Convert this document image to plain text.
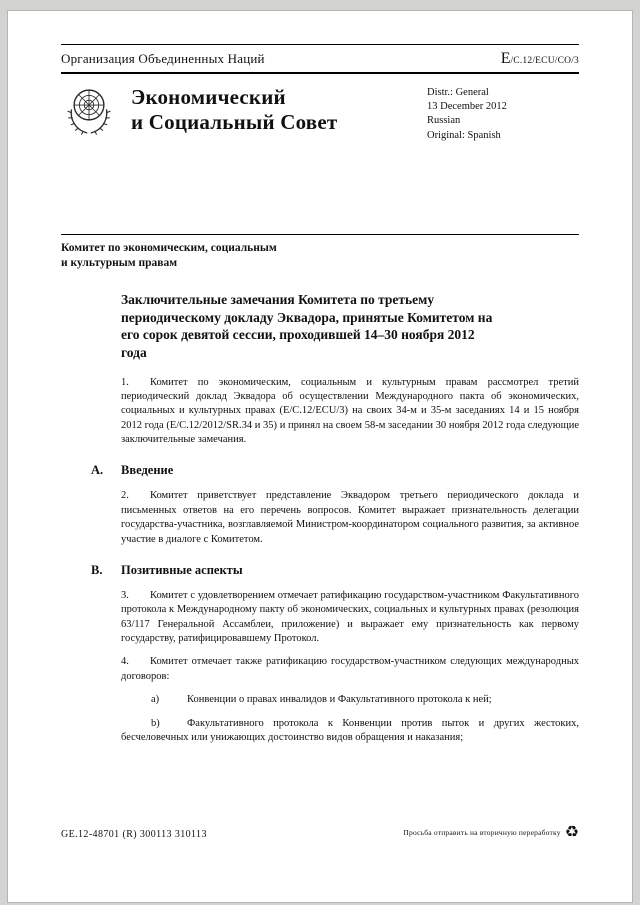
Организация Объединенных Наций	E/C.12/ECU/CO/3
Экономический
и Социальный Совет
Distr.: General
13 December 2012
Russian
Original: Spanish
Комитет по экономическим, социальным
и культурным правам
Заключительные замечания Комитета по третьему периодическому докладу Эквадора, принятые Комитетом на его сорок девятой сессии, проходившей 14–30 ноября 2012 года

1. Комитет по экономическим, социальным и культурным правам рассмотрел третий периодический доклад Эквадора об осуществлении Международного пакта об экономических, социальных и культурных правах (E/C.12/ECU/3) на своих 34-м и 35-м заседаниях 14 и 15 ноября 2012 года (E/C.12/2012/SR.34 и 35) и принял на своем 58-м заседании 30 ноября 2012 года следующие заключительные замечания.

A.	Введение

2. Комитет приветствует представление Эквадором третьего периодического доклада и письменных ответов на его перечень вопросов. Комитет выражает признательность делегации государства-участника, возглавляемой Министром-координатором социального развития, за активное участие в диалоге с Комитетом.

B.	Позитивные аспекты

3. Комитет с удовлетворением отмечает ратификацию государством-участником Факультативного протокола к Международному пакту об экономических, социальных и культурных правах (резолюция 63/117 Генеральной Ассамблеи, приложение) и выражает ему признательность как первому государству, ратифицировавшему Протокол.

4. Комитет отмечает также ратификацию государством-участником следующих международных договоров:

a)	Конвенции о правах инвалидов и Факультативного протокола к ней;

b)	Факультативного протокола к Конвенции против пыток и других жестоких, бесчеловечных или унижающих достоинство видов обращения и наказания;

GE.12-48701 (R) 300113 310113	Просьба отправить на вторичную переработку ♻
